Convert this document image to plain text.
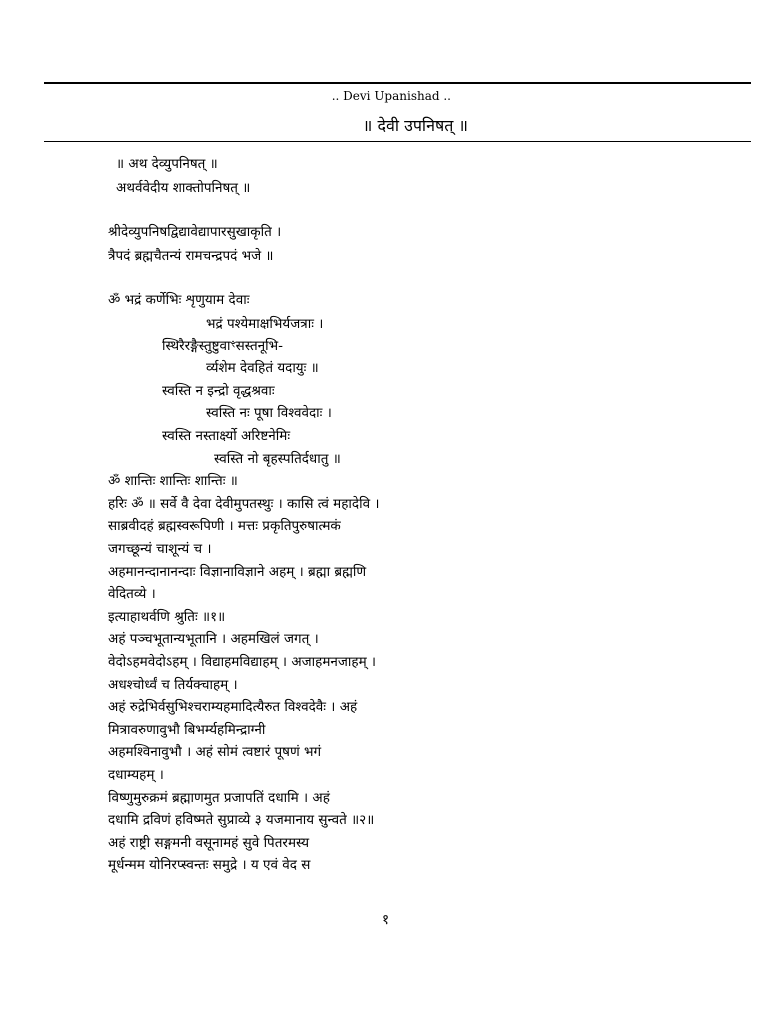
.. Devi Upanishad ..
॥ देवी उपनिषत् ॥
॥ अथ देव्युपनिषत् ॥
अथर्ववेदीय शाक्तोपनिषत् ॥
श्रीदेव्युपनिषद्विद्यावेद्यापारसुखाकृति ।
त्रैपदं ब्रह्मचैतन्यं रामचन्द्रपदं भजे ॥
ॐ भद्रं कर्णेभिः शृणुयाम देवाः
भद्रं पश्येमाक्षभिर्यजत्राः ।
स्थिरैरङ्गैस्तुष्टुवाꣳसस्तनूभि-
र्व्यशेम देवहितं यदायुः ॥
स्वस्ति न इन्द्रो वृद्धश्रवाः
स्वस्ति नः पूषा विश्ववेदाः ।
स्वस्ति नस्तार्क्ष्यो अरिष्टनेमिः
स्वस्ति नो बृहस्पतिर्दधातु ॥
ॐ शान्तिः शान्तिः शान्तिः ॥
हरिः ॐ ॥ सर्वे वै देवा देवीमुपतस्थुः । कासि त्वं महादेवि ।
साब्रवीदहं ब्रह्मस्वरूपिणी । मत्तः प्रकृतिपुरुषात्मकं
जगच्छून्यं चाशून्यं च ।
अहमानन्दानानन्दाः विज्ञानाविज्ञाने अहम् । ब्रह्मा ब्रह्मणि
वेदितव्ये ।
इत्याहाथर्वणि श्रुतिः ॥१॥
अहं पञ्चभूतान्यभूतानि । अहमखिलं जगत् ।
वेदोऽहमवेदोऽहम् । विद्याहमविद्याहम् । अजाहमनजाहम् ।
अधश्चोर्ध्वं च तिर्यक्चाहम् ।
अहं रुद्रेभिर्वसुभिश्चराम्यहमादित्यैरुत विश्वदेवैः । अहं
मित्रावरुणावुभौ बिभर्म्यहमिन्द्राग्नी
अहमश्विनावुभौ । अहं सोमं त्वष्टारं पूषणं भगं
दधाम्यहम् ।
विष्णुमुरुक्रमं ब्रह्माणमुत प्रजापतिं दधामि । अहं
दधामि द्रविणं हविष्मते सुप्राव्ये ३ यजमानाय सुन्वते ॥२॥
अहं राष्ट्री सङ्गमनी वसूनामहं सुवे पितरमस्य
मूर्धन्मम योनिरप्स्वन्तः समुद्रे । य एवं वेद स
१
